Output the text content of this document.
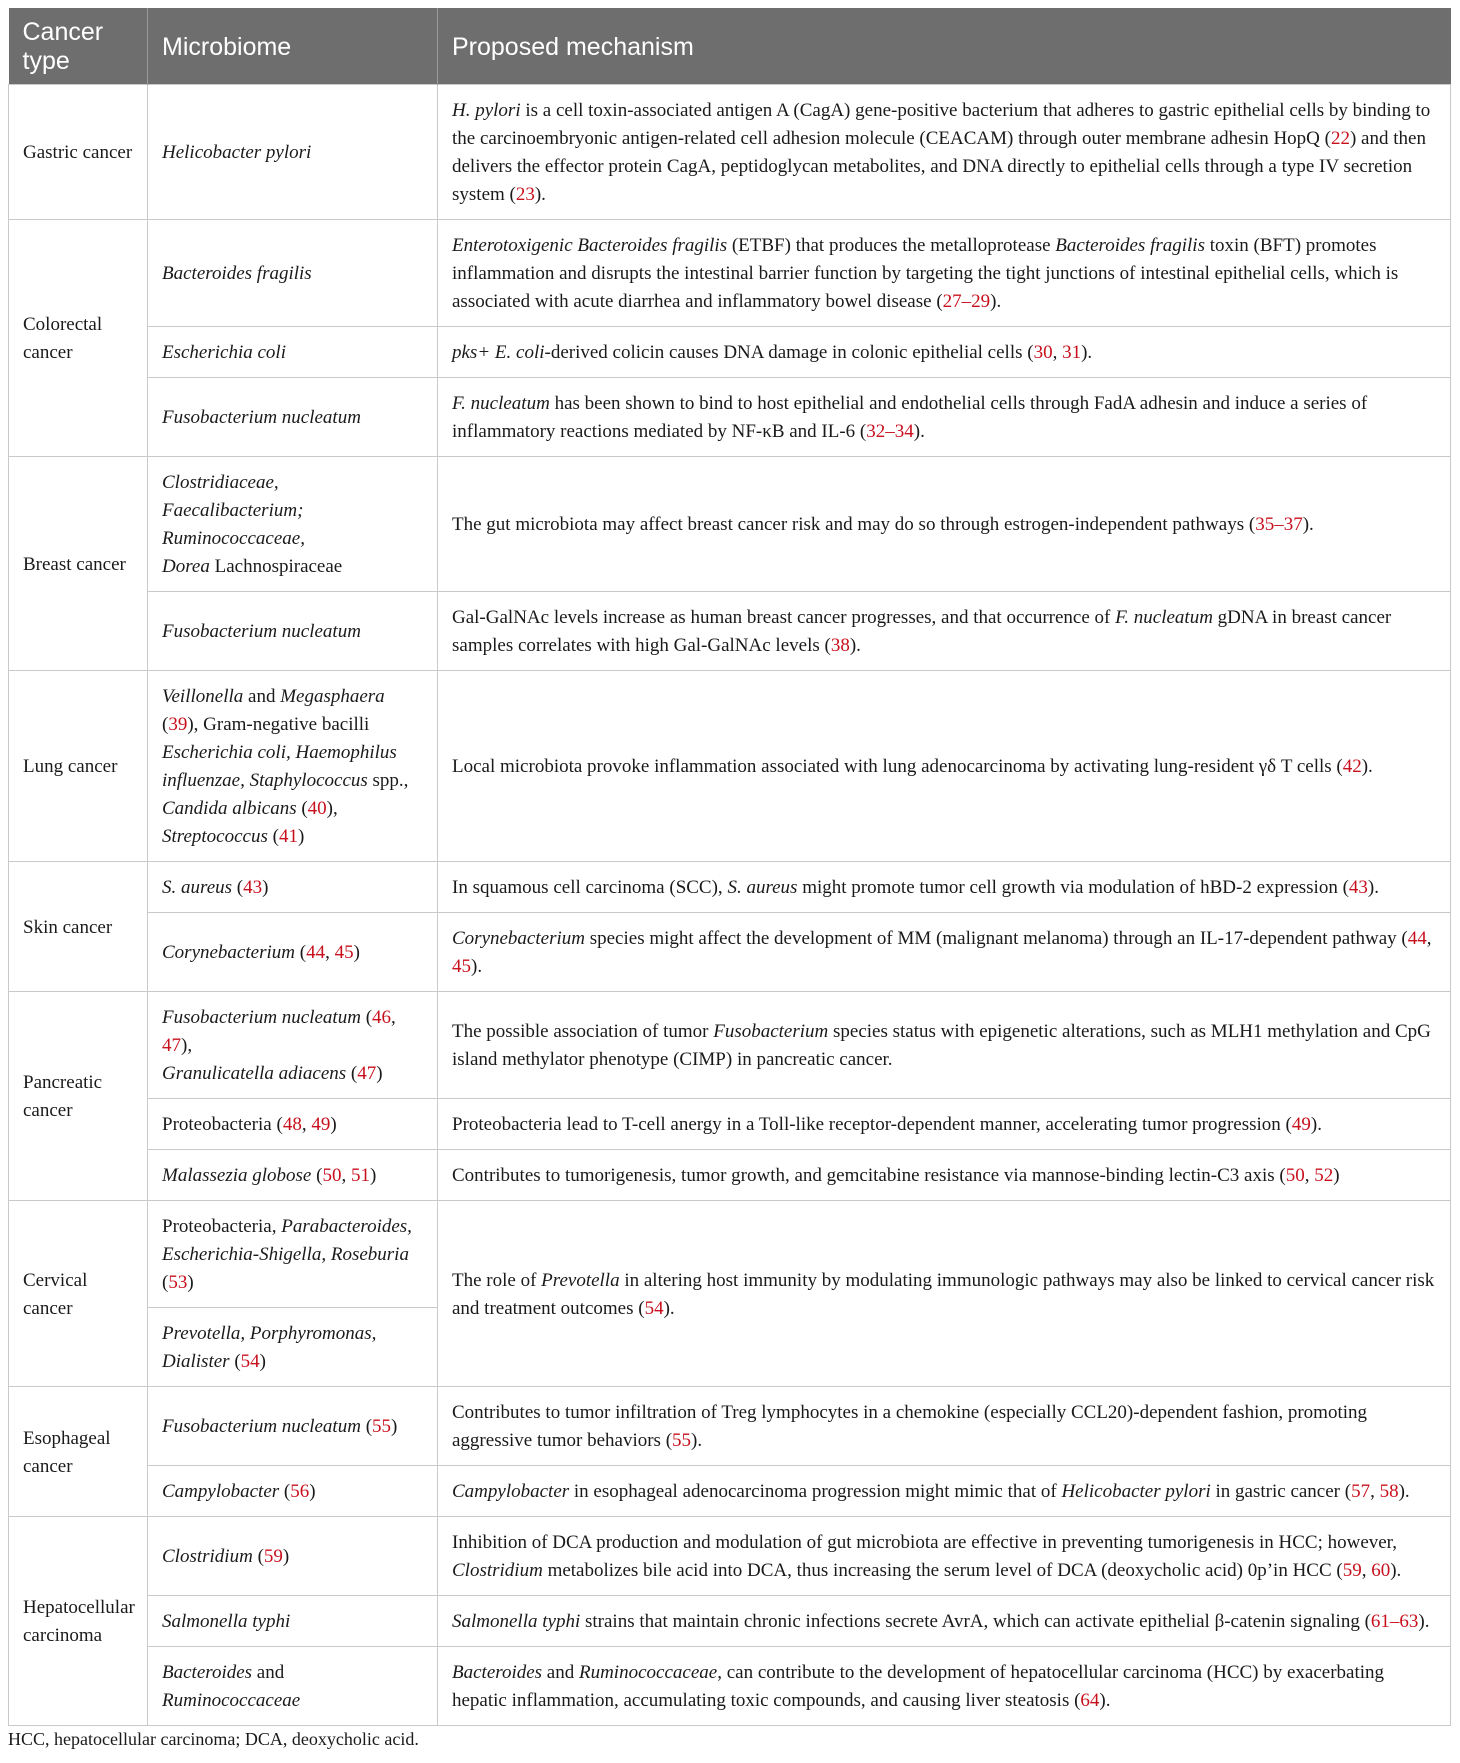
Cancer type	Microbiome	Proposed mechanism
Gastric cancer	Helicobacter pylori	H. pylori is a cell toxin-associated antigen A (CagA) gene-positive bacterium that adheres to gastric epithelial cells by binding to the carcinoembryonic antigen-related cell adhesion molecule (CEACAM) through outer membrane adhesin HopQ (22) and then delivers the effector protein CagA, peptidoglycan metabolites, and DNA directly to epithelial cells through a type IV secretion system (23).
Colorectal cancer	Bacteroides fragilis	Enterotoxigenic Bacteroides fragilis (ETBF) that produces the metalloprotease Bacteroides fragilis toxin (BFT) promotes inflammation and disrupts the intestinal barrier function by targeting the tight junctions of intestinal epithelial cells, which is associated with acute diarrhea and inflammatory bowel disease (27–29).
	Escherichia coli	pks+ E. coli-derived colicin causes DNA damage in colonic epithelial cells (30, 31).
	Fusobacterium nucleatum	F. nucleatum has been shown to bind to host epithelial and endothelial cells through FadA adhesin and induce a series of inflammatory reactions mediated by NF-κB and IL-6 (32–34).
Breast cancer	Clostridiaceae, Faecalibacterium;
Ruminococcaceae,
Dorea Lachnospiraceae	The gut microbiota may affect breast cancer risk and may do so through estrogen-independent pathways (35–37).
	Fusobacterium nucleatum	Gal-GalNAc levels increase as human breast cancer progresses, and that occurrence of F. nucleatum gDNA in breast cancer samples correlates with high Gal-GalNAc levels (38).
Lung cancer	Veillonella and Megasphaera (39), Gram-negative bacilli Escherichia coli, Haemophilus influenzae, Staphylococcus spp., Candida albicans (40), Streptococcus (41)	Local microbiota provoke inflammation associated with lung adenocarcinoma by activating lung-resident γδ T cells (42).
Skin cancer	S. aureus (43)	In squamous cell carcinoma (SCC), S. aureus might promote tumor cell growth via modulation of hBD-2 expression (43).
	Corynebacterium (44, 45)	Corynebacterium species might affect the development of MM (malignant melanoma) through an IL-17-dependent pathway (44, 45).
Pancreatic cancer	Fusobacterium nucleatum (46, 47),
Granulicatella adiacens (47)	The possible association of tumor Fusobacterium species status with epigenetic alterations, such as MLH1 methylation and CpG island methylator phenotype (CIMP) in pancreatic cancer.
	Proteobacteria (48, 49)	Proteobacteria lead to T-cell anergy in a Toll-like receptor-dependent manner, accelerating tumor progression (49).
	Malassezia globose (50, 51)	Contributes to tumorigenesis, tumor growth, and gemcitabine resistance via mannose-binding lectin-C3 axis (50, 52)
Cervical cancer	Proteobacteria, Parabacteroides, Escherichia-Shigella, Roseburia (53)	The role of Prevotella in altering host immunity by modulating immunologic pathways may also be linked to cervical cancer risk and treatment outcomes (54).
	Prevotella, Porphyromonas, Dialister (54)	
Esophageal cancer	Fusobacterium nucleatum (55)	Contributes to tumor infiltration of Treg lymphocytes in a chemokine (especially CCL20)-dependent fashion, promoting aggressive tumor behaviors (55).
	Campylobacter (56)	Campylobacter in esophageal adenocarcinoma progression might mimic that of Helicobacter pylori in gastric cancer (57, 58).
Hepatocellular carcinoma	Clostridium (59)	Inhibition of DCA production and modulation of gut microbiota are effective in preventing tumorigenesis in HCC; however, Clostridium metabolizes bile acid into DCA, thus increasing the serum level of DCA (deoxycholic acid) 0p’in HCC (59, 60).
	Salmonella typhi	Salmonella typhi strains that maintain chronic infections secrete AvrA, which can activate epithelial β-catenin signaling (61–63).
	Bacteroides and Ruminococcaceae	Bacteroides and Ruminococcaceae, can contribute to the development of hepatocellular carcinoma (HCC) by exacerbating hepatic inflammation, accumulating toxic compounds, and causing liver steatosis (64).
HCC, hepatocellular carcinoma; DCA, deoxycholic acid.
